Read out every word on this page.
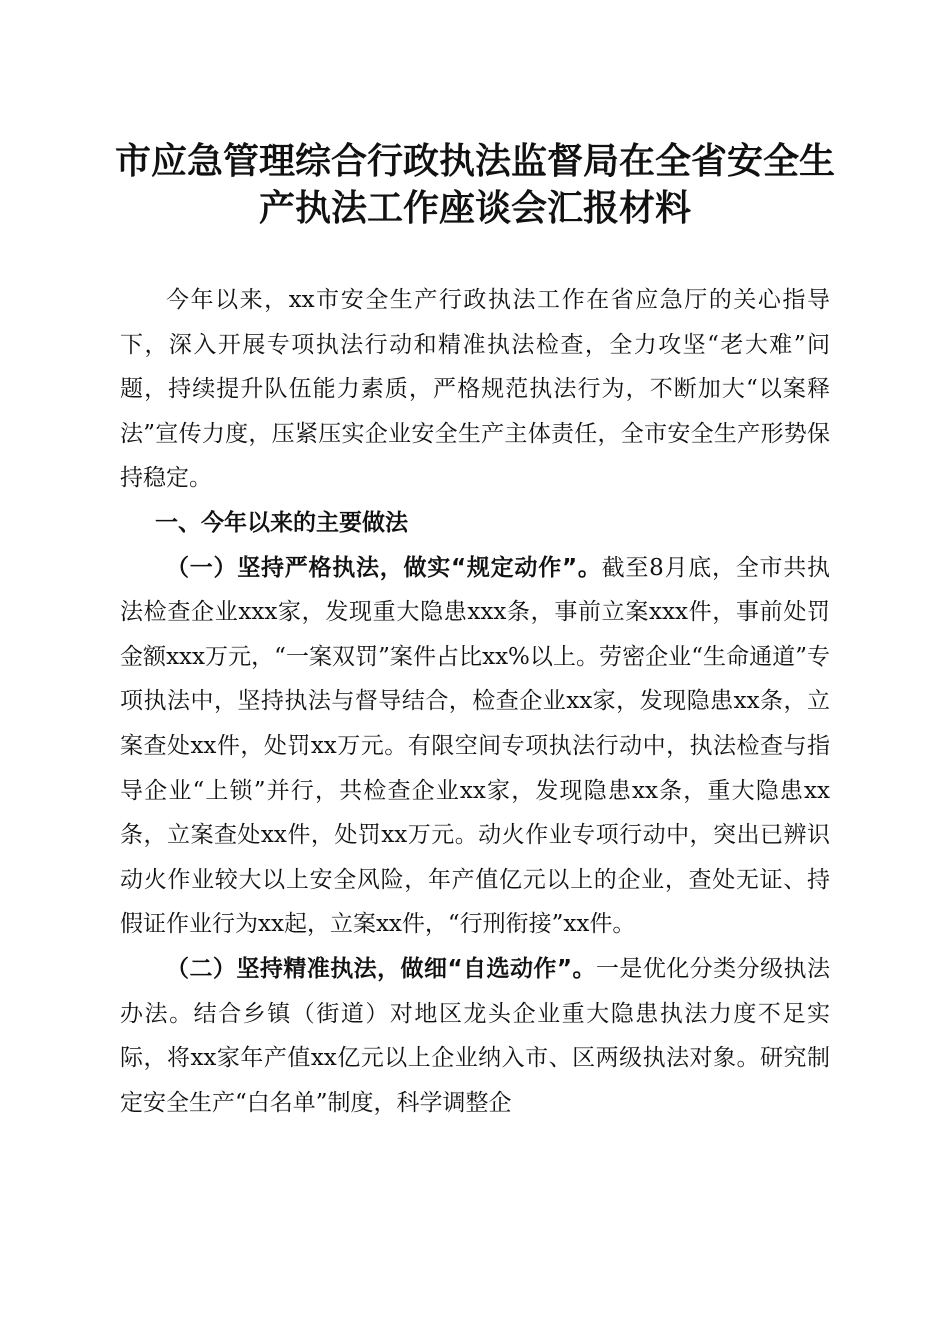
市应急管理综合行政执法监督局在全省安全生
产执法工作座谈会汇报材料

今年以来，xx市安全生产行政执法工作在省应急厅的关心指导下，深入开展专项执法行动和精准执法检查，全力攻坚“老大难”问题，持续提升队伍能力素质，严格规范执法行为，不断加大“以案释法”宣传力度，压紧压实企业安全生产主体责任，全市安全生产形势保持稳定。

一、今年以来的主要做法

（一）坚持严格执法，做实“规定动作”。截至8月底，全市共执法检查企业xxx家，发现重大隐患xxx条，事前立案xxx件，事前处罚金额xxx万元，“一案双罚”案件占比xx%以上。劳密企业“生命通道”专项执法中，坚持执法与督导结合，检查企业xx家，发现隐患xx条，立案查处xx件，处罚xx万元。有限空间专项执法行动中，执法检查与指导企业“上锁”并行，共检查企业xx家，发现隐患xx条，重大隐患xx条，立案查处xx件，处罚xx万元。动火作业专项行动中，突出已辨识动火作业较大以上安全风险，年产值亿元以上的企业，查处无证、持假证作业行为xx起，立案xx件，“行刑衔接”xx件。

（二）坚持精准执法，做细“自选动作”。一是优化分类分级执法办法。结合乡镇（街道）对地区龙头企业重大隐患执法力度不足实际，将xx家年产值xx亿元以上企业纳入市、区两级执法对象。研究制定安全生产“白名单”制度，科学调整企
